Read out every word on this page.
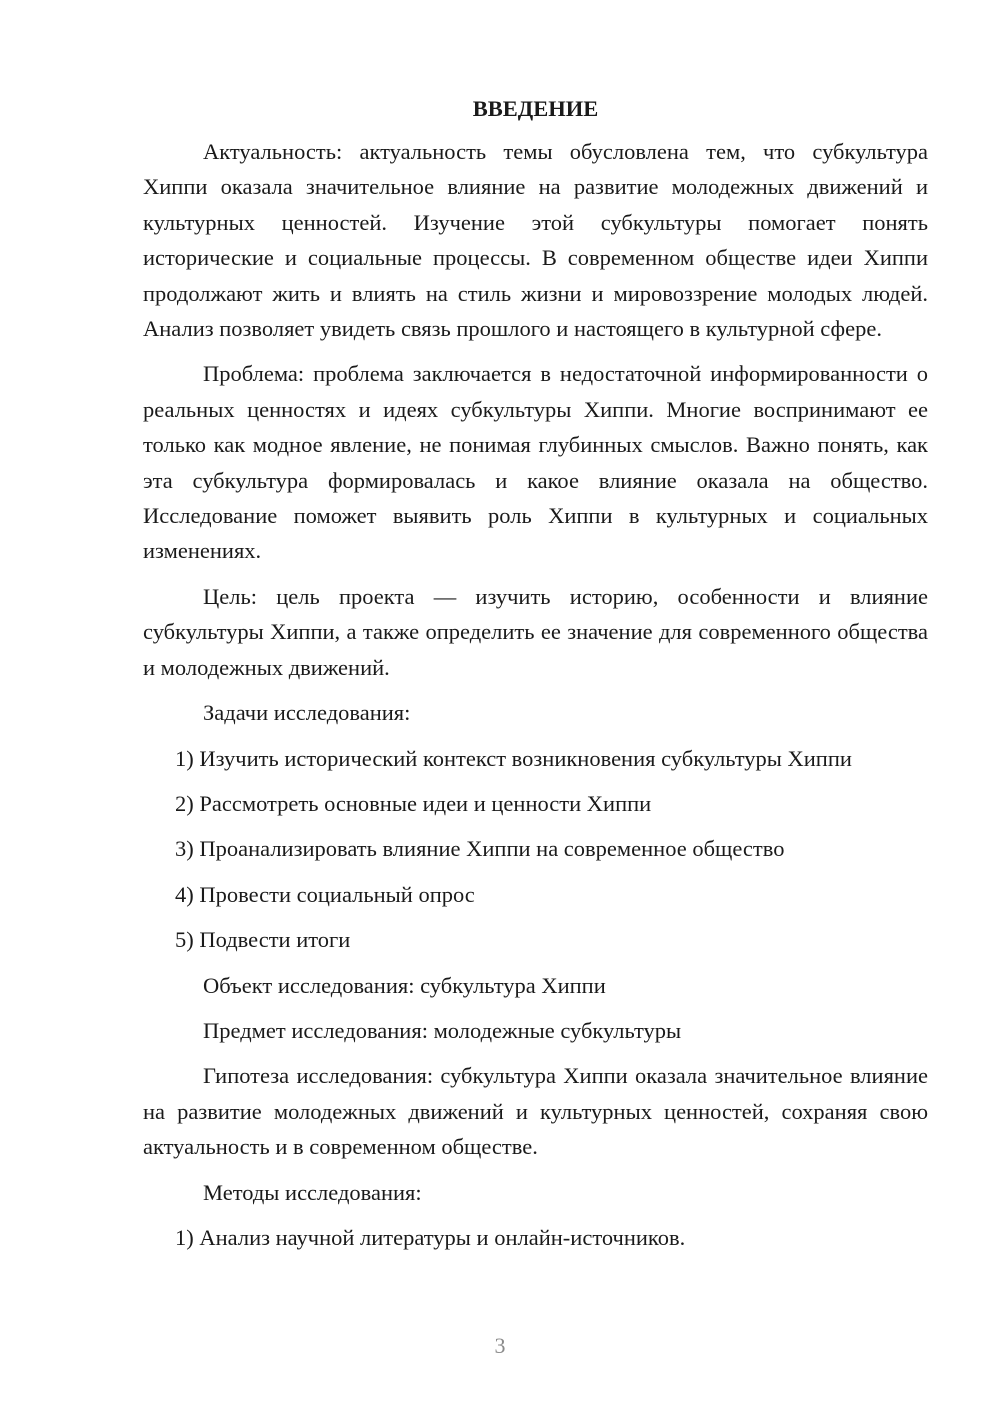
ВВЕДЕНИЕ
Актуальность: актуальность темы обусловлена тем, что субкультура Хиппи оказала значительное влияние на развитие молодежных движений и культурных ценностей. Изучение этой субкультуры помогает понять исторические и социальные процессы. В современном обществе идеи Хиппи продолжают жить и влиять на стиль жизни и мировоззрение молодых людей. Анализ позволяет увидеть связь прошлого и настоящего в культурной сфере.
Проблема: проблема заключается в недостаточной информированности о реальных ценностях и идеях субкультуры Хиппи. Многие воспринимают ее только как модное явление, не понимая глубинных смыслов. Важно понять, как эта субкультура формировалась и какое влияние оказала на общество. Исследование поможет выявить роль Хиппи в культурных и социальных изменениях.
Цель: цель проекта — изучить историю, особенности и влияние субкультуры Хиппи, а также определить ее значение для современного общества и молодежных движений.
Задачи исследования:
1) Изучить исторический контекст возникновения субкультуры Хиппи
2) Рассмотреть основные идеи и ценности Хиппи
3) Проанализировать влияние Хиппи на современное общество
4) Провести социальный опрос
5) Подвести итоги
Объект исследования: субкультура Хиппи
Предмет исследования: молодежные субкультуры
Гипотеза исследования: субкультура Хиппи оказала значительное влияние на развитие молодежных движений и культурных ценностей, сохраняя свою актуальность и в современном обществе.
Методы исследования:
1) Анализ научной литературы и онлайн-источников.
3
